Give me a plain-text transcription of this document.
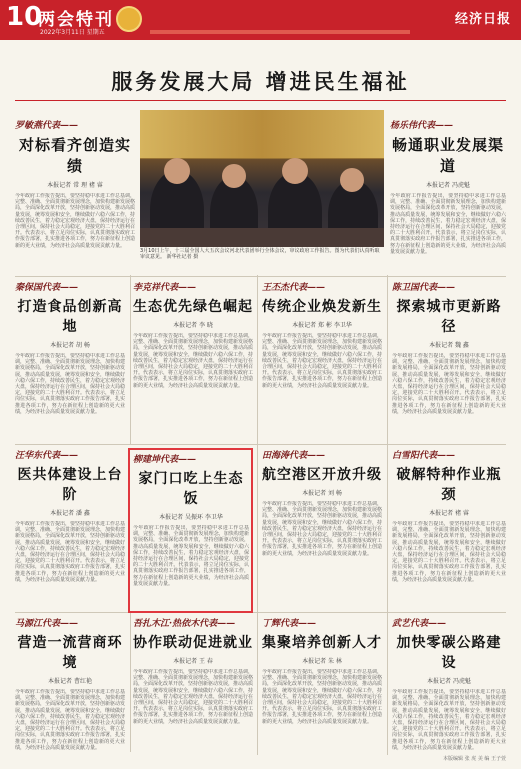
10
两会特刊
2022年3月11日 星期五
经济日报
服务发展大局 增进民生福祉
罗敏燕代表——
对标看齐创造实绩
本报记者 常 理 褚 睿
今年政府工作报告提出，要坚持稳中求进工作总基调，完整、准确、全面贯彻新发展理念，加快构建新发展格局，全面深化改革开放，坚持创新驱动发展，推动高质量发展，统筹发展和安全，继续做好六稳六保工作，持续改善民生，着力稳定宏观经济大盘，保持经济运行在合理区间，保持社会大局稳定，迎接党的二十大胜利召开。代表表示，将立足岗位实际，认真贯彻落实政府工作报告部署，扎实推进各项工作，努力在新征程上创造新的更大业绩，为经济社会高质量发展贡献力量。
杨乐伟代表——
畅通职业发展渠道
本报记者 冯虎魁
今年政府工作报告提出，要坚持稳中求进工作总基调，完整、准确、全面贯彻新发展理念，加快构建新发展格局，全面深化改革开放，坚持创新驱动发展，推动高质量发展，统筹发展和安全，继续做好六稳六保工作，持续改善民生，着力稳定宏观经济大盘，保持经济运行在合理区间，保持社会大局稳定，迎接党的二十大胜利召开。代表表示，将立足岗位实际，认真贯彻落实政府工作报告部署，扎实推进各项工作，努力在新征程上创造新的更大业绩，为经济社会高质量发展贡献力量。
秦保国代表——
打造食品创新高地
本报记者 胡 畅
今年政府工作报告提出，要坚持稳中求进工作总基调，完整、准确、全面贯彻新发展理念，加快构建新发展格局，全面深化改革开放，坚持创新驱动发展，推动高质量发展，统筹发展和安全，继续做好六稳六保工作，持续改善民生，着力稳定宏观经济大盘，保持经济运行在合理区间，保持社会大局稳定，迎接党的二十大胜利召开。代表表示，将立足岗位实际，认真贯彻落实政府工作报告部署，扎实推进各项工作，努力在新征程上创造新的更大业绩，为经济社会高质量发展贡献力量。
李克祥代表——
生态优先绿色崛起
本报记者 李 晓
今年政府工作报告提出，要坚持稳中求进工作总基调，完整、准确、全面贯彻新发展理念，加快构建新发展格局，全面深化改革开放，坚持创新驱动发展，推动高质量发展，统筹发展和安全，继续做好六稳六保工作，持续改善民生，着力稳定宏观经济大盘，保持经济运行在合理区间，保持社会大局稳定，迎接党的二十大胜利召开。代表表示，将立足岗位实际，认真贯彻落实政府工作报告部署，扎实推进各项工作，努力在新征程上创造新的更大业绩，为经济社会高质量发展贡献力量。
王丕杰代表——
传统企业焕发新生
本报记者 郑 彬 李卫华
今年政府工作报告提出，要坚持稳中求进工作总基调，完整、准确、全面贯彻新发展理念，加快构建新发展格局，全面深化改革开放，坚持创新驱动发展，推动高质量发展，统筹发展和安全，继续做好六稳六保工作，持续改善民生，着力稳定宏观经济大盘，保持经济运行在合理区间，保持社会大局稳定，迎接党的二十大胜利召开。代表表示，将立足岗位实际，认真贯彻落实政府工作报告部署，扎实推进各项工作，努力在新征程上创造新的更大业绩，为经济社会高质量发展贡献力量。
陈卫国代表——
探索城市更新路径
本报记者 魏 鑫
今年政府工作报告提出，要坚持稳中求进工作总基调，完整、准确、全面贯彻新发展理念，加快构建新发展格局，全面深化改革开放，坚持创新驱动发展，推动高质量发展，统筹发展和安全，继续做好六稳六保工作，持续改善民生，着力稳定宏观经济大盘，保持经济运行在合理区间，保持社会大局稳定，迎接党的二十大胜利召开。代表表示，将立足岗位实际，认真贯彻落实政府工作报告部署，扎实推进各项工作，努力在新征程上创造新的更大业绩，为经济社会高质量发展贡献力量。
汪华东代表——
医共体建设上台阶
本报记者 潘 鑫
今年政府工作报告提出，要坚持稳中求进工作总基调，完整、准确、全面贯彻新发展理念，加快构建新发展格局，全面深化改革开放，坚持创新驱动发展，推动高质量发展，统筹发展和安全，继续做好六稳六保工作，持续改善民生，着力稳定宏观经济大盘，保持经济运行在合理区间，保持社会大局稳定，迎接党的二十大胜利召开。代表表示，将立足岗位实际，认真贯彻落实政府工作报告部署，扎实推进各项工作，努力在新征程上创造新的更大业绩，为经济社会高质量发展贡献力量。
柳建坤代表——
家门口吃上生态饭
本报记者 吴振环 李卫华
今年政府工作报告提出，要坚持稳中求进工作总基调，完整、准确、全面贯彻新发展理念，加快构建新发展格局，全面深化改革开放，坚持创新驱动发展，推动高质量发展，统筹发展和安全，继续做好六稳六保工作，持续改善民生，着力稳定宏观经济大盘，保持经济运行在合理区间，保持社会大局稳定，迎接党的二十大胜利召开。代表表示，将立足岗位实际，认真贯彻落实政府工作报告部署，扎实推进各项工作，努力在新征程上创造新的更大业绩，为经济社会高质量发展贡献力量。
田海涛代表——
航空港区开放升级
本报记者 刘 畅
今年政府工作报告提出，要坚持稳中求进工作总基调，完整、准确、全面贯彻新发展理念，加快构建新发展格局，全面深化改革开放，坚持创新驱动发展，推动高质量发展，统筹发展和安全，继续做好六稳六保工作，持续改善民生，着力稳定宏观经济大盘，保持经济运行在合理区间，保持社会大局稳定，迎接党的二十大胜利召开。代表表示，将立足岗位实际，认真贯彻落实政府工作报告部署，扎实推进各项工作，努力在新征程上创造新的更大业绩，为经济社会高质量发展贡献力量。
白雪阳代表——
破解特种作业瓶颈
本报记者 褚 睿
今年政府工作报告提出，要坚持稳中求进工作总基调，完整、准确、全面贯彻新发展理念，加快构建新发展格局，全面深化改革开放，坚持创新驱动发展，推动高质量发展，统筹发展和安全，继续做好六稳六保工作，持续改善民生，着力稳定宏观经济大盘，保持经济运行在合理区间，保持社会大局稳定，迎接党的二十大胜利召开。代表表示，将立足岗位实际，认真贯彻落实政府工作报告部署，扎实推进各项工作，努力在新征程上创造新的更大业绩，为经济社会高质量发展贡献力量。
马源江代表——
营造一流营商环境
本报记者 曹红艳
今年政府工作报告提出，要坚持稳中求进工作总基调，完整、准确、全面贯彻新发展理念，加快构建新发展格局，全面深化改革开放，坚持创新驱动发展，推动高质量发展，统筹发展和安全，继续做好六稳六保工作，持续改善民生，着力稳定宏观经济大盘，保持经济运行在合理区间，保持社会大局稳定，迎接党的二十大胜利召开。代表表示，将立足岗位实际，认真贯彻落实政府工作报告部署，扎实推进各项工作，努力在新征程上创造新的更大业绩，为经济社会高质量发展贡献力量。
吾扎木江·热依木代表——
协作联动促进就业
本报记者 王 春
今年政府工作报告提出，要坚持稳中求进工作总基调，完整、准确、全面贯彻新发展理念，加快构建新发展格局，全面深化改革开放，坚持创新驱动发展，推动高质量发展，统筹发展和安全，继续做好六稳六保工作，持续改善民生，着力稳定宏观经济大盘，保持经济运行在合理区间，保持社会大局稳定，迎接党的二十大胜利召开。代表表示，将立足岗位实际，认真贯彻落实政府工作报告部署，扎实推进各项工作，努力在新征程上创造新的更大业绩，为经济社会高质量发展贡献力量。
丁辉代表——
集聚培养创新人才
本报记者 朱 林
今年政府工作报告提出，要坚持稳中求进工作总基调，完整、准确、全面贯彻新发展理念，加快构建新发展格局，全面深化改革开放，坚持创新驱动发展，推动高质量发展，统筹发展和安全，继续做好六稳六保工作，持续改善民生，着力稳定宏观经济大盘，保持经济运行在合理区间，保持社会大局稳定，迎接党的二十大胜利召开。代表表示，将立足岗位实际，认真贯彻落实政府工作报告部署，扎实推进各项工作，努力在新征程上创造新的更大业绩，为经济社会高质量发展贡献力量。
武艺代表——
加快零碳公路建设
本报记者 冯虎魁
今年政府工作报告提出，要坚持稳中求进工作总基调，完整、准确、全面贯彻新发展理念，加快构建新发展格局，全面深化改革开放，坚持创新驱动发展，推动高质量发展，统筹发展和安全，继续做好六稳六保工作，持续改善民生，着力稳定宏观经济大盘，保持经济运行在合理区间，保持社会大局稳定，迎接党的二十大胜利召开。代表表示，将立足岗位实际，认真贯彻落实政府工作报告部署，扎实推进各项工作，努力在新征程上创造新的更大业绩，为经济社会高质量发展贡献力量。
3月10日上午，十三届全国人大五次会议河北代表团举行全体会议，审议政府工作报告。图为代表们认真听取审议意见。 新华社记者 摄
本版编辑 张 虎 美 编 王子萱
